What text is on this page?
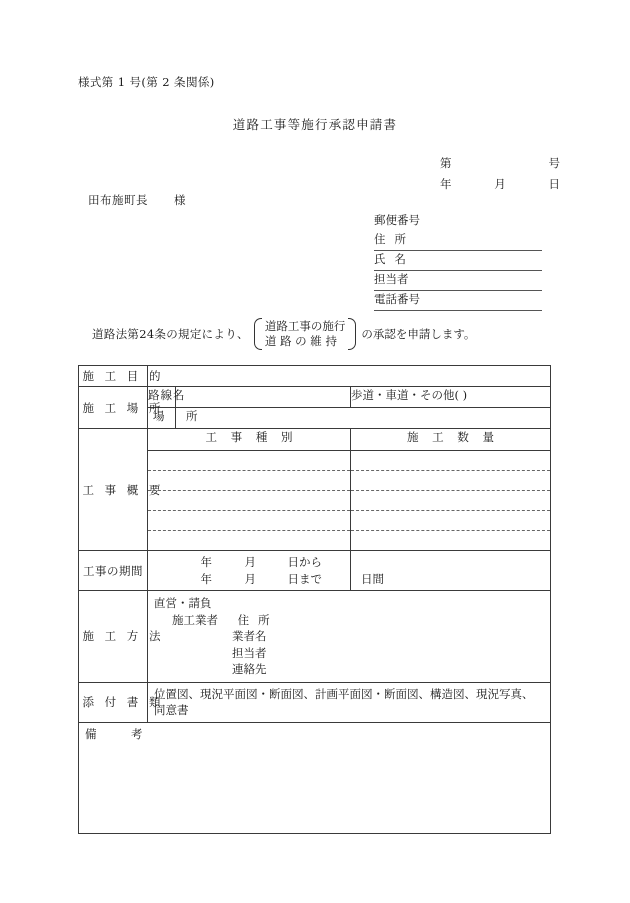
様式第 1 号(第 2 条関係)
道路工事等施行承認申請書
第	号
年	月	日
田布施町長 様
郵便番号
住 所
氏 名
担当者
電話番号
道路法第24条の規定により、
道路工事の施行
道 路 の 維 持	の承認を申請します。
施 工 目 的			
施 工 場 所	路線名		歩道・車道・その他( )
	場　所		
工 事 概 要	工 事 種 別		施 工 数 量

工事の期間	年 月 日から
年 月 日まで 日間		

施 工 方 法	直営・請負
施工業者 住 所
業者名
担当者
連絡先		

添 付 書 類	位置図、現況平面図・断面図、計画平面図・断面図、構造図、現況写真、同意書		

備　　　考			
